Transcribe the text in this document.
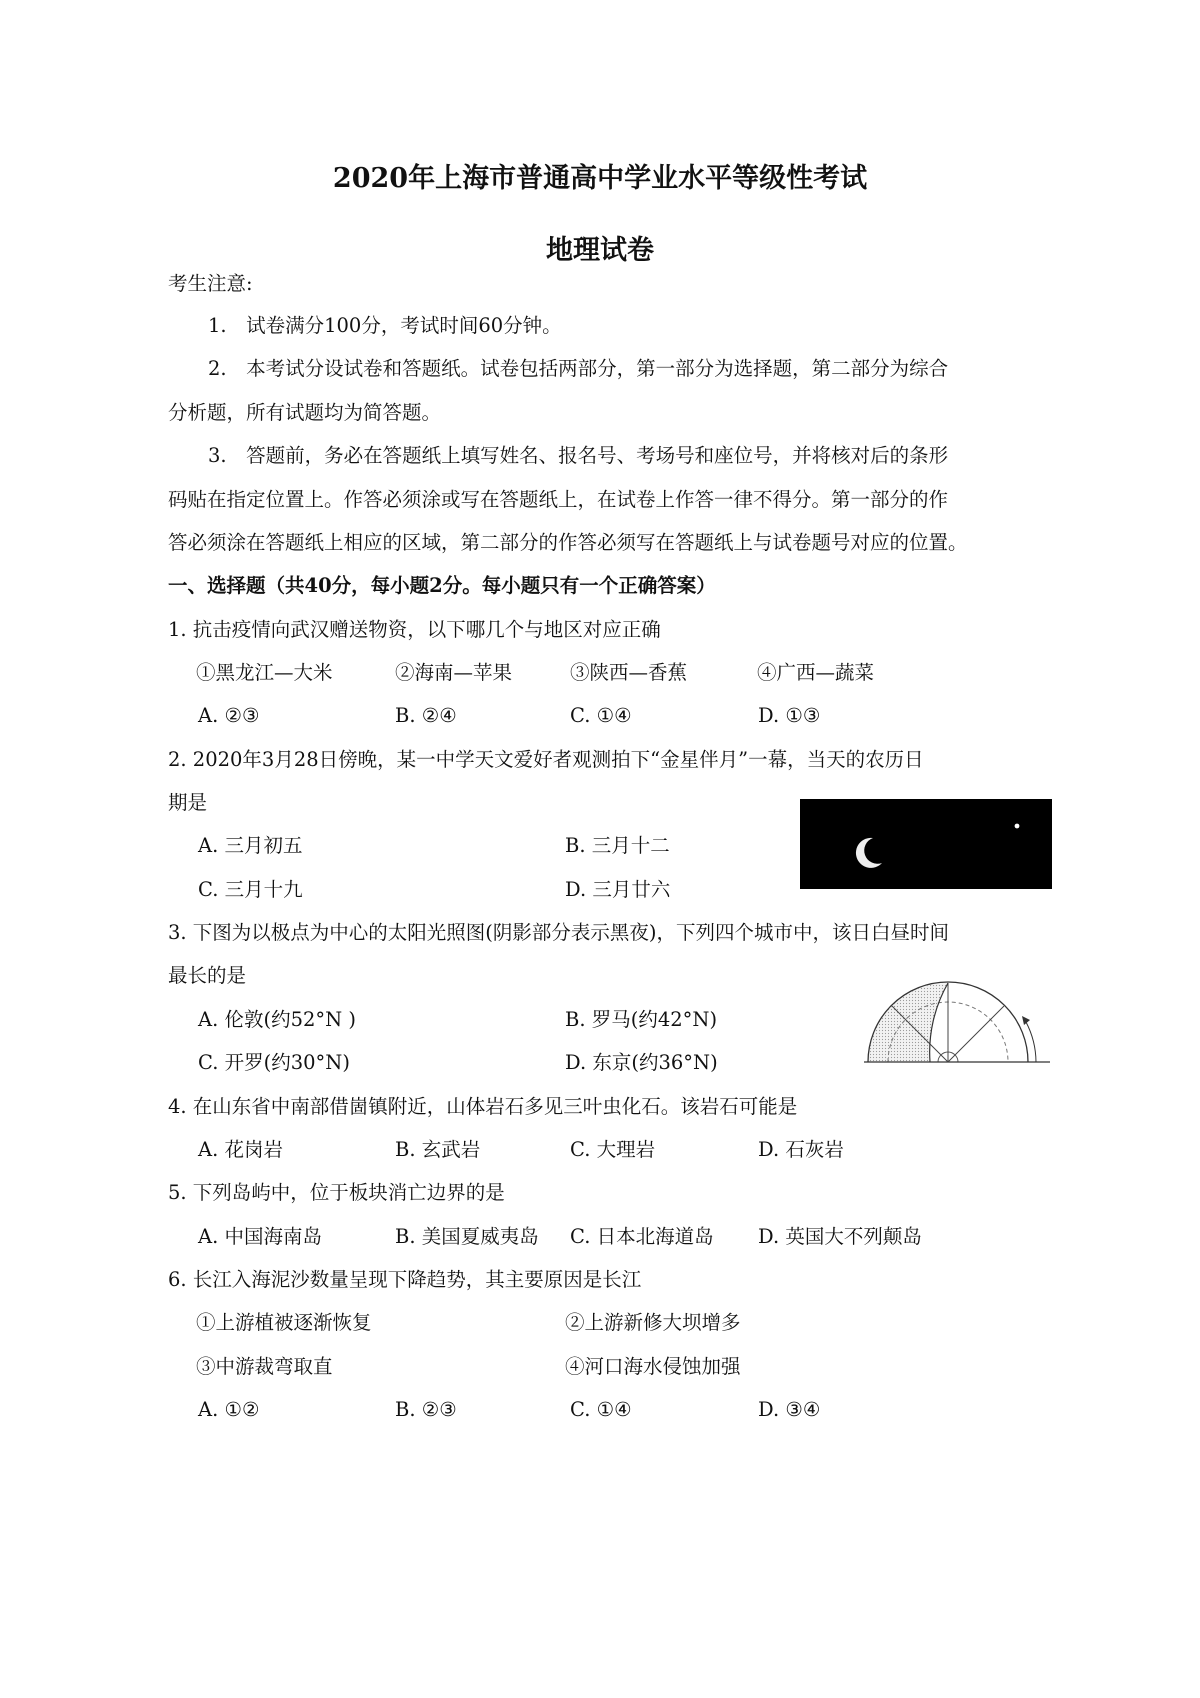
2020年上海市普通高中学业水平等级性考试
地理试卷
考生注意:
1.　试卷满分100分，考试时间60分钟。
2.　本考试分设试卷和答题纸。试卷包括两部分，第一部分为选择题，第二部分为综合
分析题，所有试题均为简答题。
3.　答题前，务必在答题纸上填写姓名、报名号、考场号和座位号，并将核对后的条形
码贴在指定位置上。作答必须涂或写在答题纸上，在试卷上作答一律不得分。第一部分的作
答必须涂在答题纸上相应的区域，第二部分的作答必须写在答题纸上与试卷题号对应的位置。
一、选择题（共40分，每小题2分。每小题只有一个正确答案）
1. 抗击疫情向武汉赠送物资，以下哪几个与地区对应正确
①黑龙江—大米	②海南—苹果	③陕西—香蕉	④广西—蔬菜
A. ②③	B. ②④	C. ①④	D. ①③
2. 2020年3月28日傍晚，某一中学天文爱好者观测拍下“金星伴月”一幕，当天的农历日
期是
A. 三月初五	B. 三月十二
C. 三月十九	D. 三月廿六
3. 下图为以极点为中心的太阳光照图(阴影部分表示黑夜)，下列四个城市中，该日白昼时间
最长的是
A. 伦敦(约52°N )	B. 罗马(约42°N)
C. 开罗(约30°N)	D. 东京(约36°N)
4. 在山东省中南部借崮镇附近，山体岩石多见三叶虫化石。该岩石可能是
A. 花岗岩	B. 玄武岩	C. 大理岩	D. 石灰岩
5. 下列岛屿中，位于板块消亡边界的是
A. 中国海南岛	B. 美国夏威夷岛 C. 日本北海道岛 D. 英国大不列颠岛
6. 长江入海泥沙数量呈现下降趋势，其主要原因是长江
①上游植被逐渐恢复	②上游新修大坝增多
③中游裁弯取直	④河口海水侵蚀加强
A. ①②	B. ②③	C. ①④	D. ③④
